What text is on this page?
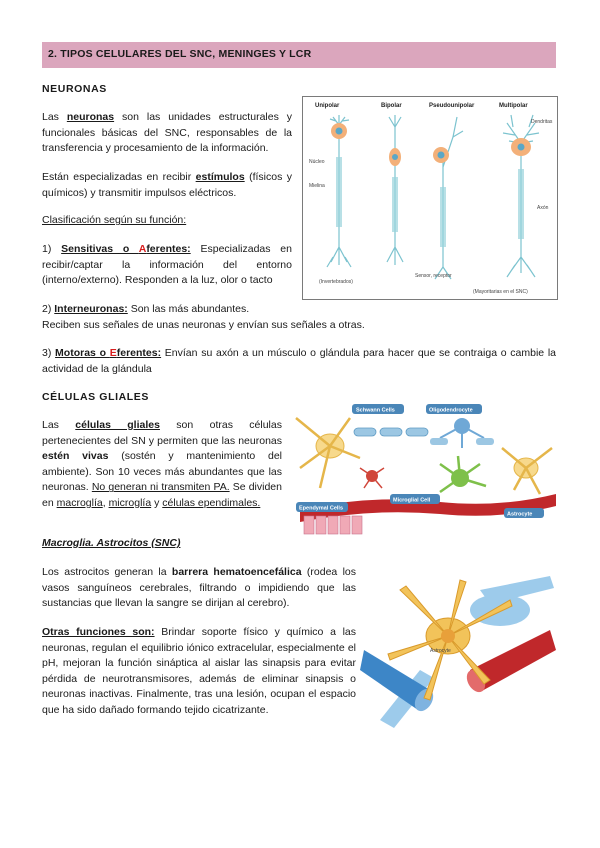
2. TIPOS CELULARES DEL SNC, MENINGES Y LCR
NEURONAS
Las neuronas son las unidades estructurales y funcionales básicas del SNC, responsables de la transferencia y procesamiento de la información.
Están especializadas en recibir estímulos (físicos y químicos) y transmitir impulsos eléctricos.
Clasificación según su función:
1) Sensitivas o Aferentes: Especializadas en recibir/captar la información del entorno (interno/externo). Responden a la luz, olor o tacto
2) Interneuronas: Son las más abundantes.
Reciben sus señales de unas neuronas y envían sus señales a otras.
3) Motoras o Eferentes: Envían su axón a un músculo o glándula para hacer que se contraiga o cambie la actividad de la glándula
Unipolar	Bipolar	Pseudounipolar	Multipolar
Núcleo
Mielina
Dendritas
Axón
Sensor, receptor
(Invertebrados)
(Mayoritarias en el SNC)
CÉLULAS GLIALES
Las células gliales son otras células pertenecientes del SN y permiten que las neuronas estén vivas (sostén y mantenimiento del ambiente). Son 10 veces más abundantes que las neuronas. No generan ni transmiten PA. Se dividen en macroglía, microglía y células ependimales.
Schwann Cells	Oligodendrocyte
Microglial Cell
Ependymal Cells
Astrocyte
Macroglia. Astrocitos (SNC)
Los astrocitos generan la barrera hematoencefálica (rodea los vasos sanguíneos cerebrales, filtrando o impidiendo que las sustancias que llevan la sangre se dirijan al cerebro).
Otras funciones son: Brindar soporte físico y químico a las neuronas, regulan el equilibrio iónico extracelular, especialmente el pH, mejoran la función sináptica al aislar las sinapsis para evitar pérdida de neurotransmisores, además de eliminar sinapsis o neuronas inactivas. Finalmente, tras una lesión, ocupan el espacio que ha sido dañado formando tejido cicatrizante.
Astrocyte
